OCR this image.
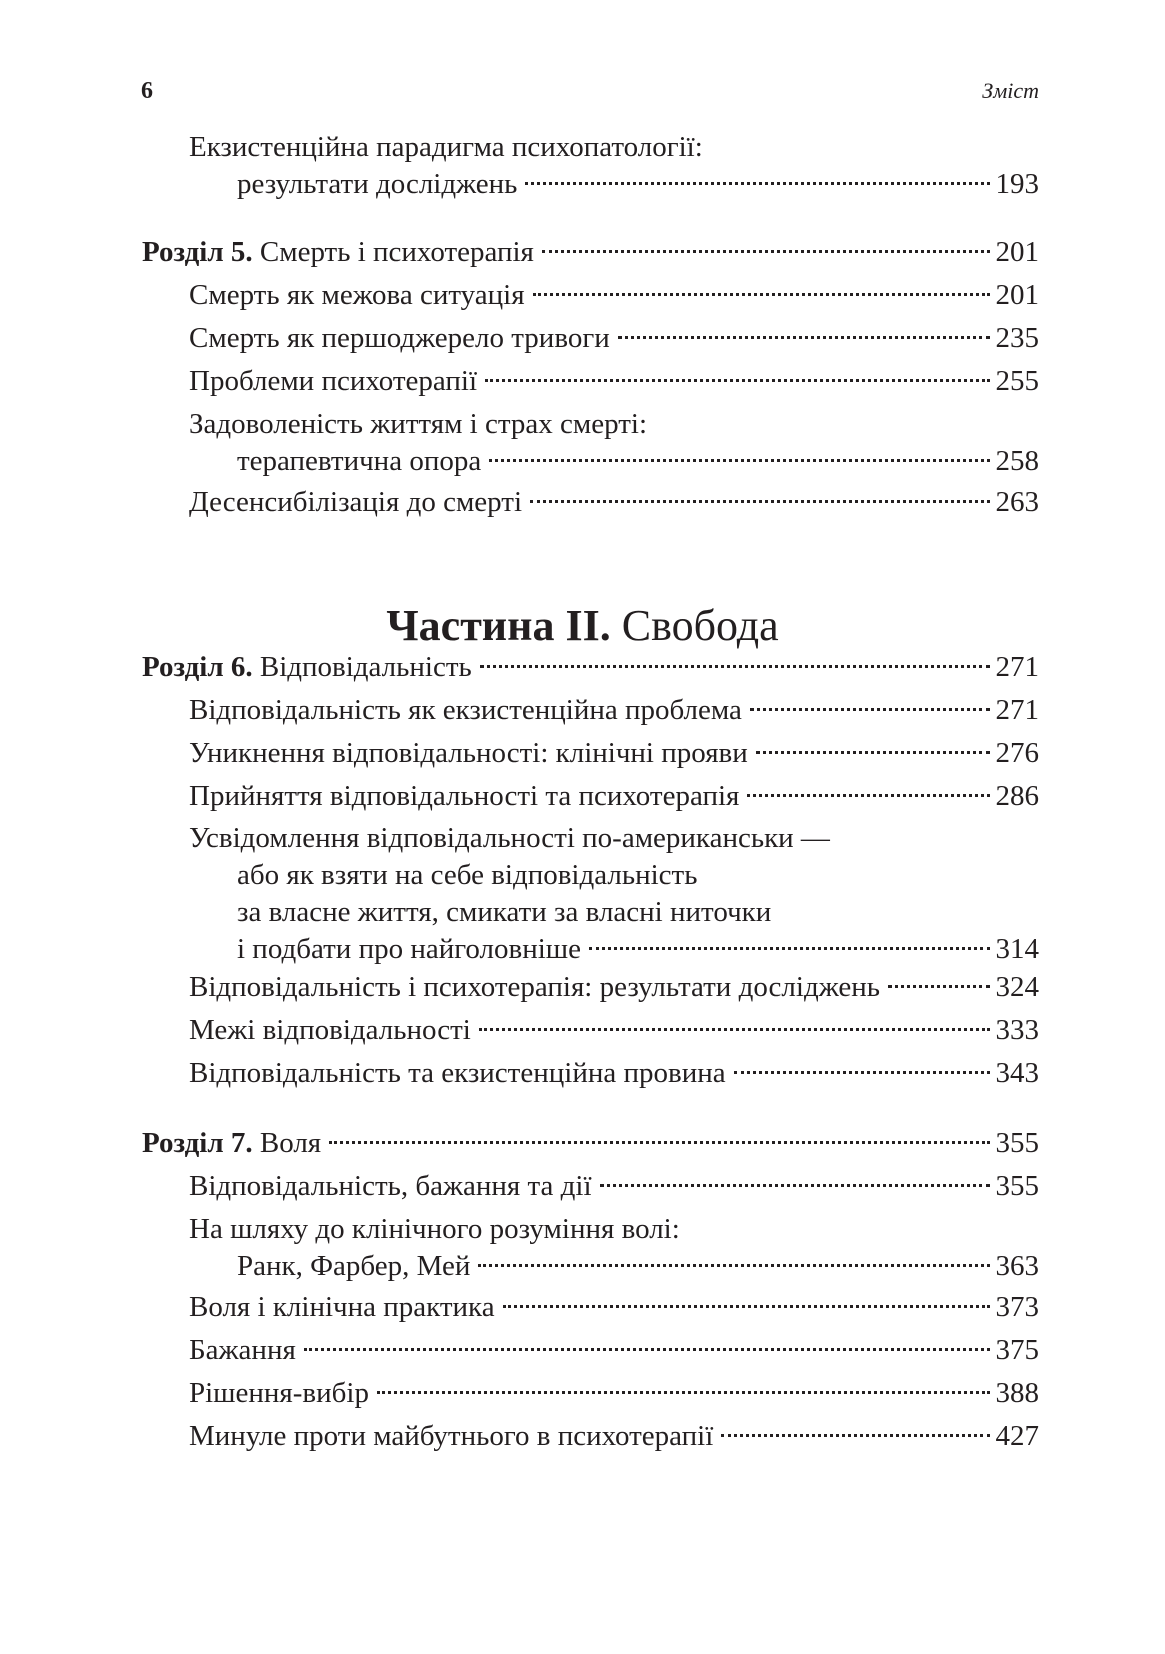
6	Зміст
Екзистенційна парадигма психопатології:
результати досліджень	193
Розділ 5. Смерть і психотерапія	201
Смерть як межова ситуація	201
Смерть як першоджерело тривоги	235
Проблеми психотерапії	255
Задоволеність життям і страх смерті:
терапевтична опора	258
Десенсибілізація до смерті	263
Частина II. Свобода
Розділ 6. Відповідальність	271
Відповідальність як екзистенційна проблема	271
Уникнення відповідальності: клінічні прояви	276
Прийняття відповідальності та психотерапія	286
Усвідомлення відповідальності по-американськи —
або як взяти на себе відповідальність
за власне життя, смикати за власні ниточки
і подбати про найголовніше	314
Відповідальність і психотерапія: результати досліджень	324
Межі відповідальності	333
Відповідальність та екзистенційна провина	343
Розділ 7. Воля	355
Відповідальність, бажання та дії	355
На шляху до клінічного розуміння волі:
Ранк, Фарбер, Мей	363
Воля і клінічна практика	373
Бажання	375
Рішення-вибір	388
Минуле проти майбутнього в психотерапії	427
